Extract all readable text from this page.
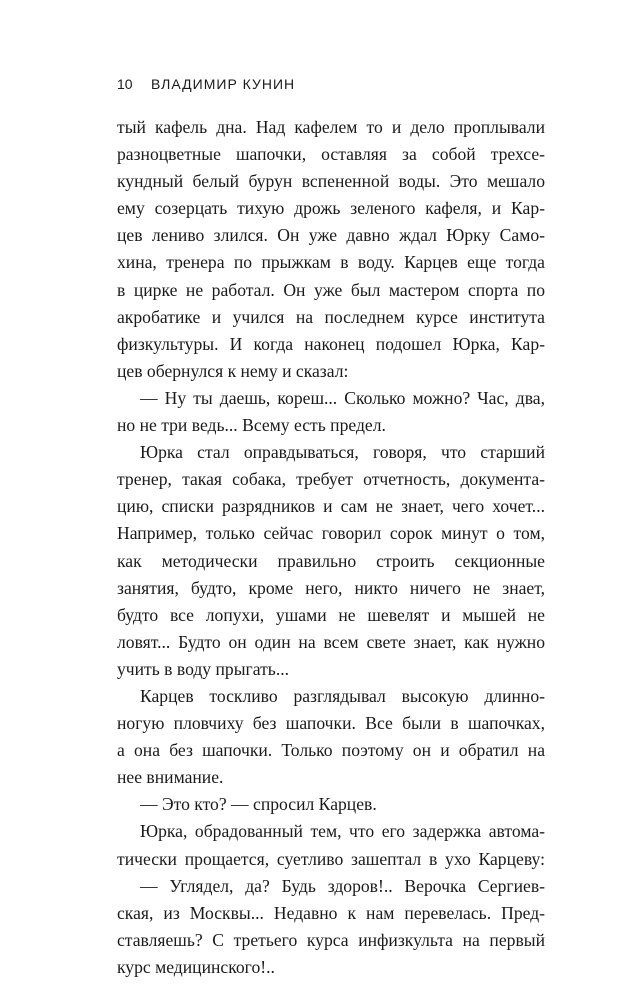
10 ВЛАДИМИР КУНИН
тый кафель дна. Над кафелем то и дело проплывали
разноцветные шапочки, оставляя за собой трехсе-
кундный белый бурун вспененной воды. Это мешало
ему созерцать тихую дрожь зеленого кафеля, и Кар-
цев лениво злился. Он уже давно ждал Юрку Само-
хина, тренера по прыжкам в воду. Карцев еще тогда
в цирке не работал. Он уже был мастером спорта по
акробатике и учился на последнем курсе института
физкультуры. И когда наконец подошел Юрка, Кар-
цев обернулся к нему и сказал:
— Ну ты даешь, кореш... Сколько можно? Час, два,
но не три ведь... Всему есть предел.
Юрка стал оправдываться, говоря, что старший
тренер, такая собака, требует отчетность, документа-
цию, списки разрядников и сам не знает, чего хочет...
Например, только сейчас говорил сорок минут о том,
как методически правильно строить секционные
занятия, будто, кроме него, никто ничего не знает,
будто все лопухи, ушами не шевелят и мышей не
ловят... Будто он один на всем свете знает, как нужно
учить в воду прыгать...
Карцев тоскливо разглядывал высокую длинно-
ногую пловчиху без шапочки. Все были в шапочках,
а она без шапочки. Только поэтому он и обратил на
нее внимание.
— Это кто? — спросил Карцев.
Юрка, обрадованный тем, что его задержка автома-
тически прощается, суетливо зашептал в ухо Карцеву:
— Углядел, да? Будь здоров!.. Верочка Сергиев-
ская, из Москвы... Недавно к нам перевелась. Пред-
ставляешь? С третьего курса инфизкульта на первый
курс медицинского!..
